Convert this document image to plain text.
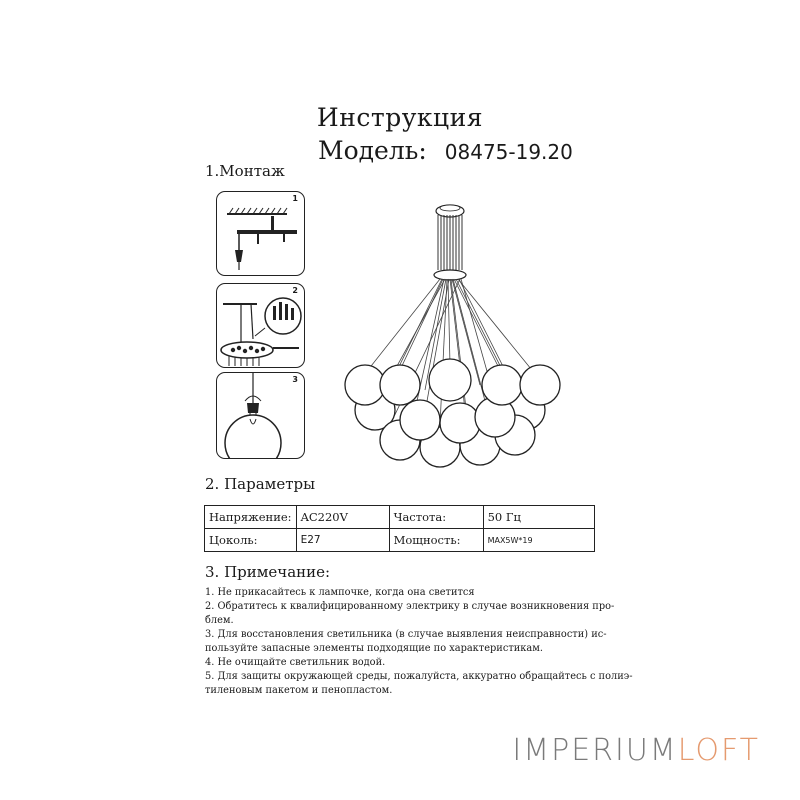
Инструкция
Модель: 08475-19.20
1.Монтаж
1
2
3
2. Параметры
Напряжение:	AC220V	Частота:	50 Гц
Цоколь:	E27	Мощность:	MAX5W*19
3. Примечание:
1. Не прикасайтесь к лампочке, когда она светится
2. Обратитесь к квалифицированному электрику в случае возникновения про-
блем.
3. Для восстановления светильника (в случае выявления неисправности) ис-
пользуйте запасные элементы подходящие по характеристикам.
4. Не очищайте светильник водой.
5. Для защиты окружающей среды, пожалуйста, аккуратно обращайтесь с полиэ-
тиленовым пакетом и пенопластом.
IMPERIUMLOFT
